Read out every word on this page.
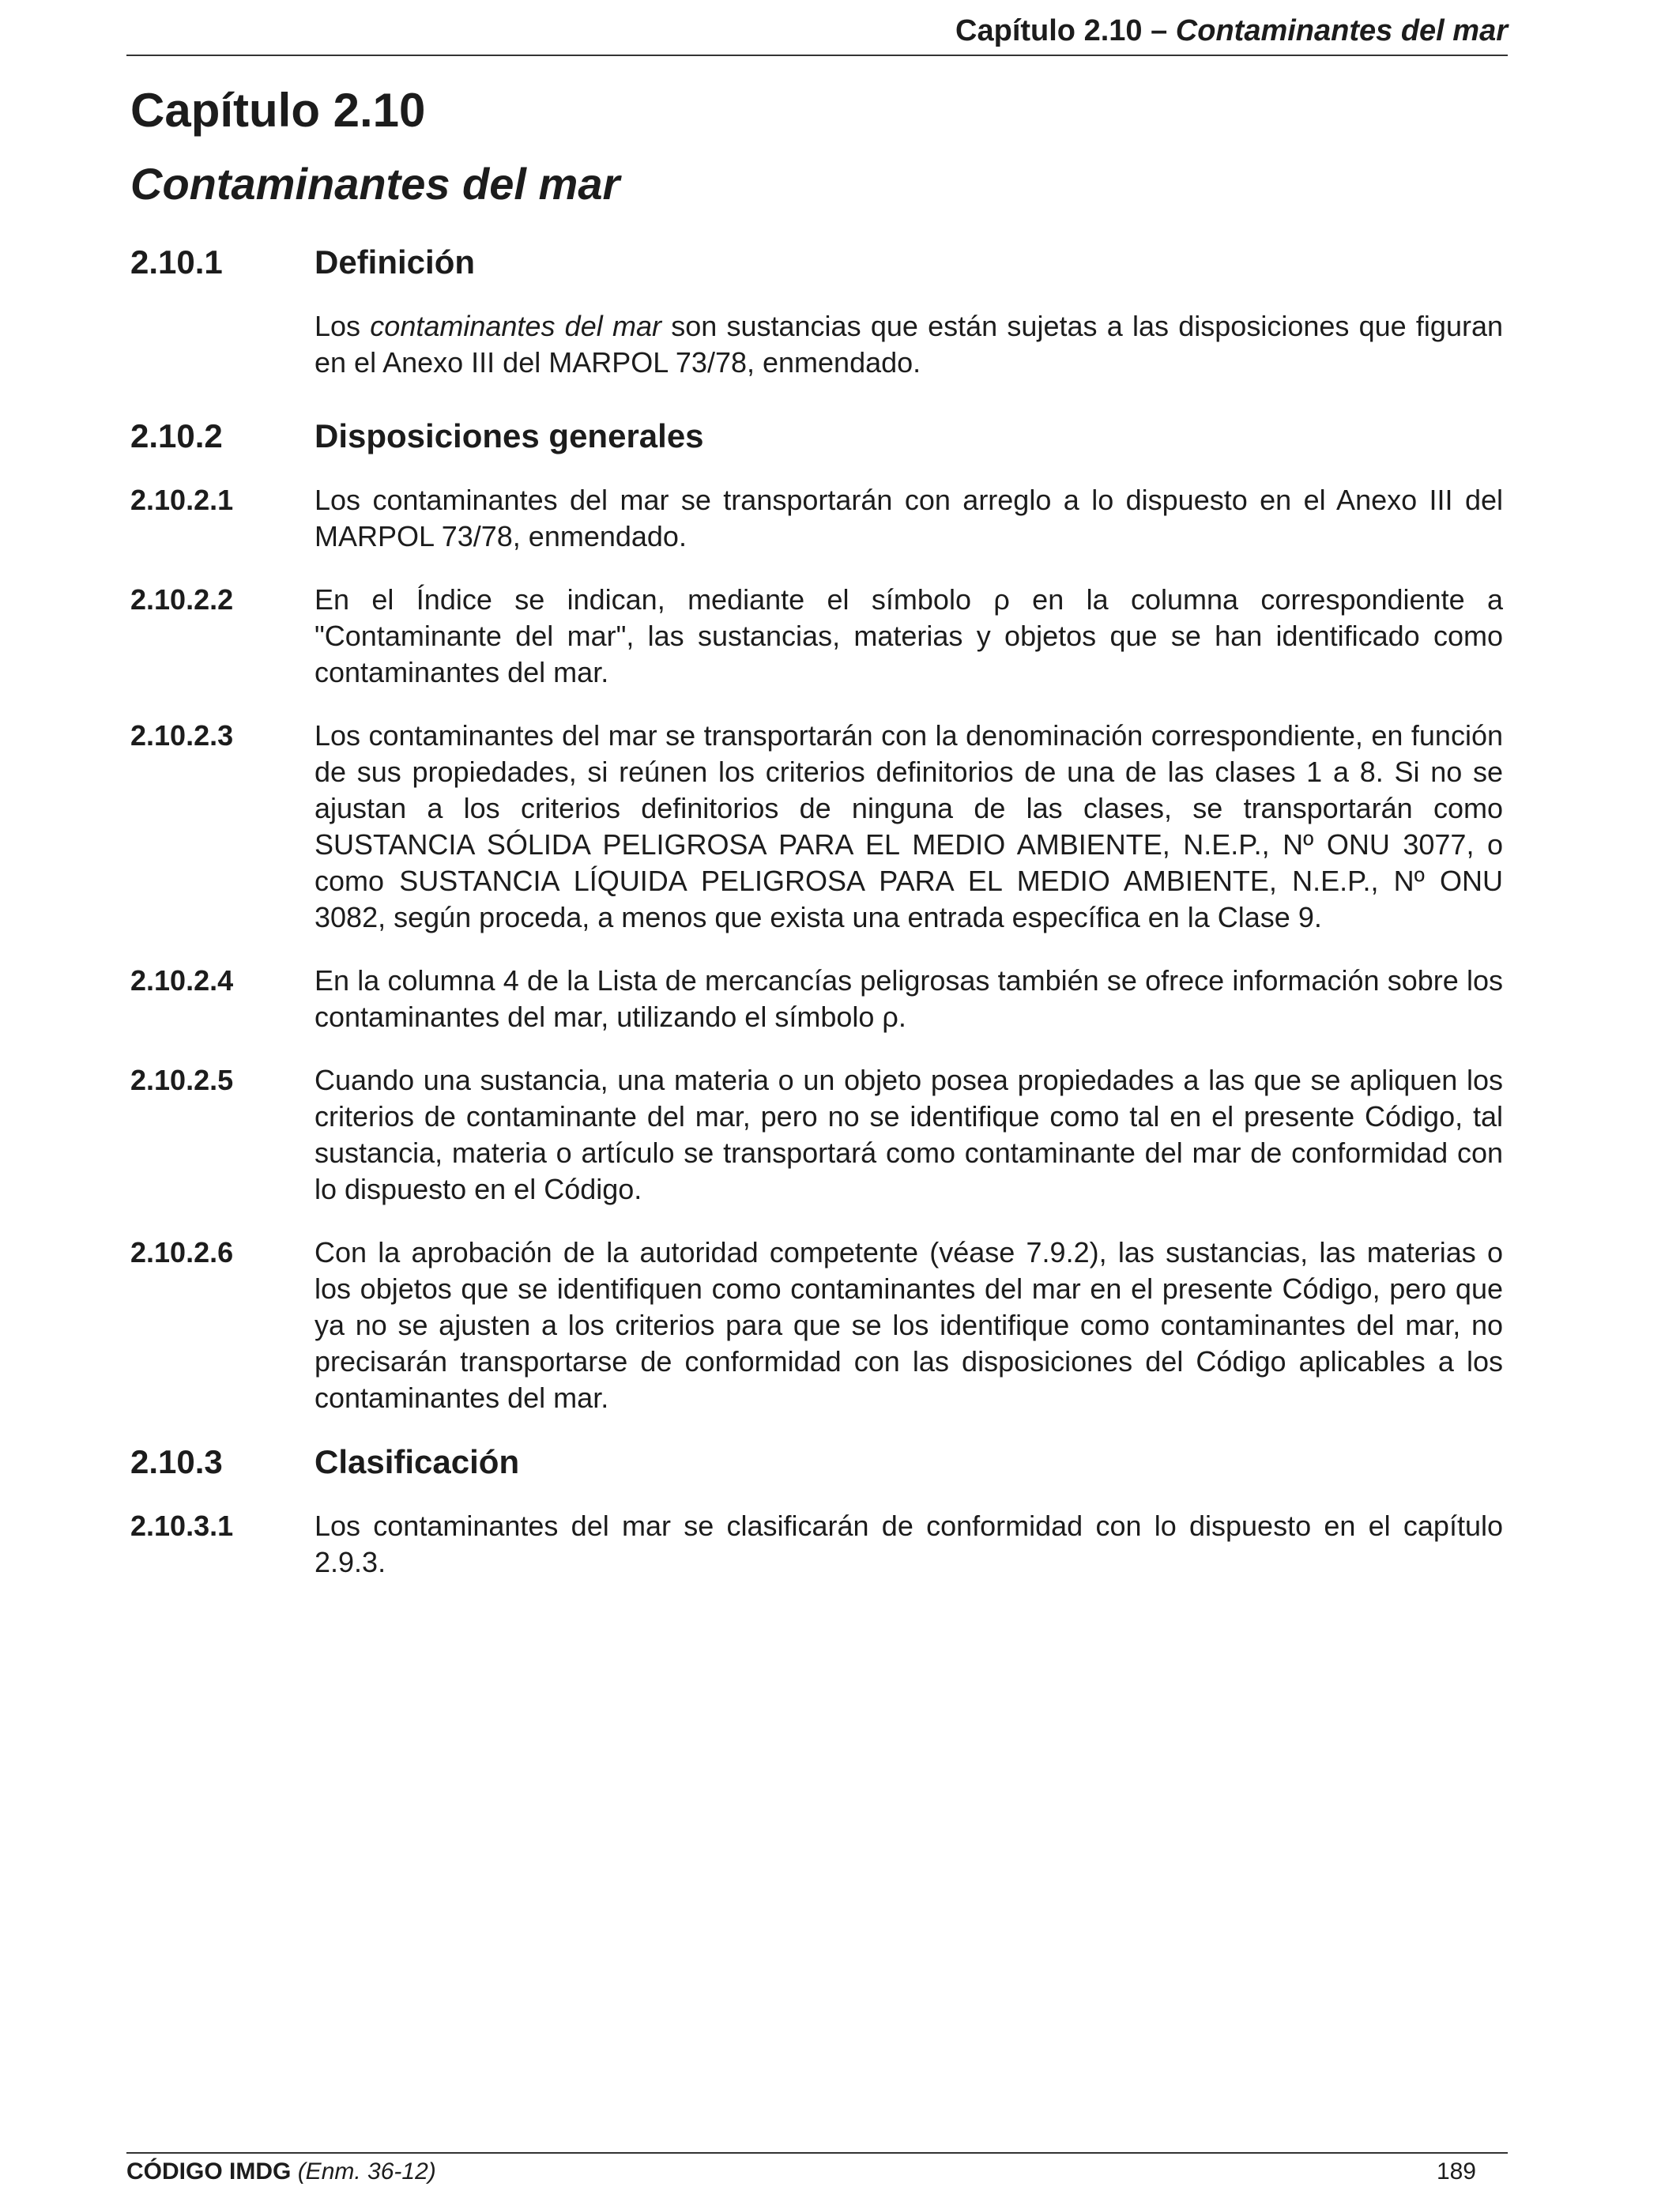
Capítulo 2.10 – Contaminantes del mar
Capítulo 2.10
Contaminantes del mar
2.10.1	Definición
Los contaminantes del mar son sustancias que están sujetas a las disposiciones que figuran en el Anexo III del MARPOL 73/78, enmendado.
2.10.2	Disposiciones generales
2.10.2.1	Los contaminantes del mar se transportarán con arreglo a lo dispuesto en el Anexo III del MARPOL 73/78, enmendado.
2.10.2.2	En el Índice se indican, mediante el símbolo ρ en la columna correspondiente a "Contaminante del mar", las sustancias, materias y objetos que se han identificado como contaminantes del mar.
2.10.2.3	Los contaminantes del mar se transportarán con la denominación correspondiente, en función de sus propiedades, si reúnen los criterios definitorios de una de las clases 1 a 8. Si no se ajustan a los criterios definitorios de ninguna de las clases, se transportarán como SUSTANCIA SÓLIDA PELIGROSA PARA EL MEDIO AMBIENTE, N.E.P., Nº ONU 3077, o como SUSTANCIA LÍQUIDA PELIGROSA PARA EL MEDIO AMBIENTE, N.E.P., Nº ONU 3082, según proceda, a menos que exista una entrada específica en la Clase 9.
2.10.2.4	En la columna 4 de la Lista de mercancías peligrosas también se ofrece información sobre los contaminantes del mar, utilizando el símbolo ρ.
2.10.2.5	Cuando una sustancia, una materia o un objeto posea propiedades a las que se apliquen los criterios de contaminante del mar, pero no se identifique como tal en el presente Código, tal sustancia, materia o artículo se transportará como contaminante del mar de conformidad con lo dispuesto en el Código.
2.10.2.6	Con la aprobación de la autoridad competente (véase 7.9.2), las sustancias, las materias o los objetos que se identifiquen como contaminantes del mar en el presente Código, pero que ya no se ajusten a los criterios para que se los identifique como contaminantes del mar, no precisarán transportarse de conformidad con las disposiciones del Código aplicables a los contaminantes del mar.
2.10.3	Clasificación
2.10.3.1	Los contaminantes del mar se clasificarán de conformidad con lo dispuesto en el capítulo 2.9.3.
CÓDIGO IMDG (Enm. 36-12)	189
